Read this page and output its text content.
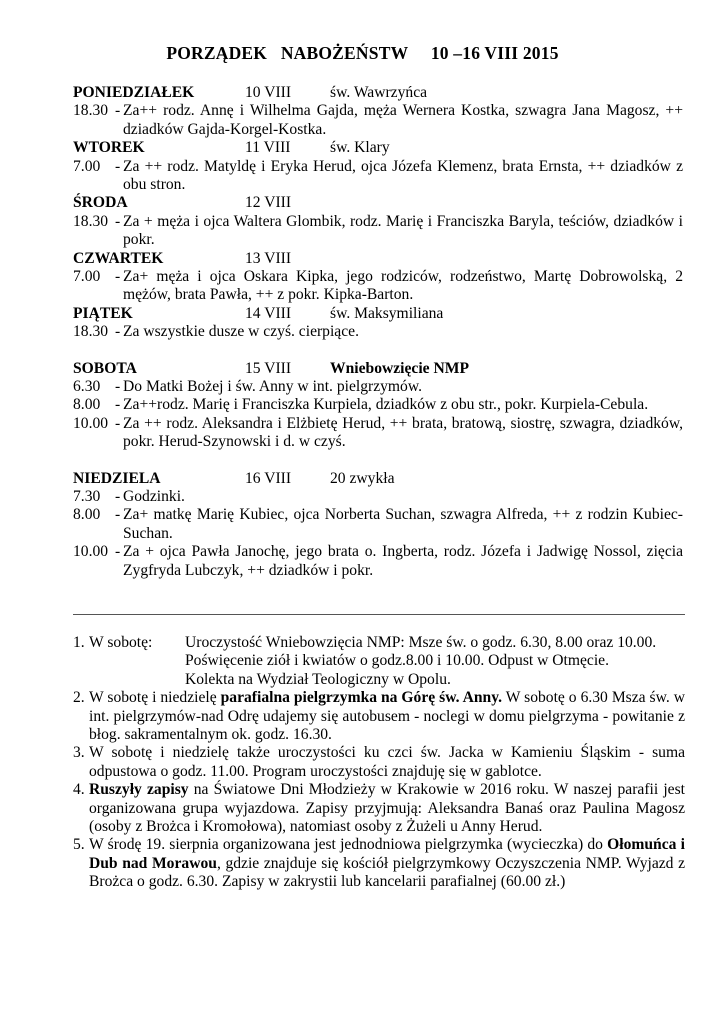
PORZĄDEK   NABOŻEŃSTW     10 –16 VIII 2015
PONIEDZIAŁEK	10 VIII św. Wawrzyńca
18.30 - Za++ rodz. Annę i Wilhelma Gajda, męża Wernera Kostka, szwagra Jana Magosz, ++ dziadków Gajda-Korgel-Kostka.
WTOREK	11 VIII	św. Klary
7.00 - Za ++ rodz. Matyldę i Eryka Herud, ojca Józefa Klemenz, brata Ernsta, ++ dziadków z obu stron.
ŚRODA	12 VIII
18.30 - Za + męża i ojca Waltera Glombik, rodz. Marię i Franciszka Baryla, teściów, dziadków i pokr.
CZWARTEK	13 VIII
7.00 - Za+ męża i ojca Oskara Kipka, jego rodziców, rodzeństwo, Martę Dobrowolską, 2 mężów, brata Pawła, ++ z pokr. Kipka-Barton.
PIĄTEK	14 VIII św. Maksymiliana
18.30 - Za wszystkie dusze w czyś. cierpiące.
SOBOTA	15 VIII Wniebowzięcie NMP
6.30 - Do Matki Bożej i św. Anny w int. pielgrzymów.
8.00 - Za++rodz. Marię i Franciszka Kurpiela, dziadków z obu str., pokr. Kurpiela-Cebula.
10.00 - Za ++ rodz. Aleksandra i Elżbietę Herud, ++ brata, bratową, siostrę, szwagra, dziadków, pokr. Herud-Szynowski i d. w czyś.
NIEDZIELA	16 VIII 20 zwykła
7.30 - Godzinki.
8.00 - Za+ matkę Marię Kubiec, ojca Norberta Suchan, szwagra Alfreda, ++ z rodzin Kubiec-Suchan.
10.00 - Za + ojca Pawła Janochę, jego brata o. Ingberta, rodz. Józefa i Jadwigę Nossol, zięcia Zygfryda Lubczyk, ++ dziadków i pokr.
1. W sobotę:	Uroczystość Wniebowzięcia NMP: Msze św. o godz. 6.30, 8.00 oraz 10.00.
Poświęcenie ziół i kwiatów o godz.8.00 i 10.00. Odpust w Otmęcie.
Kolekta na Wydział Teologiczny w Opolu.
2. W sobotę i niedzielę parafialna pielgrzymka na Górę św. Anny. W sobotę o 6.30 Msza św. w int. pielgrzymów-nad Odrę udajemy się autobusem - noclegi w domu pielgrzyma - powitanie z błog. sakramentalnym ok. godz. 16.30.
3. W sobotę i niedzielę także uroczystości ku czci św. Jacka w Kamieniu Śląskim - suma odpustowa o godz. 11.00. Program uroczystości znajduję się w gablotce.
4. Ruszyły zapisy na Światowe Dni Młodzieży w Krakowie w 2016 roku. W naszej parafii jest organizowana grupa wyjazdowa. Zapisy przyjmują: Aleksandra Banaś oraz Paulina Magosz (osoby z Brożca i Kromołowa), natomiast osoby z Żużeli u Anny Herud.
5. W środę 19. sierpnia organizowana jest jednodniowa pielgrzymka (wycieczka) do Ołomuńca i Dub nad Morawou, gdzie znajduje się kościół pielgrzymkowy Oczyszczenia NMP. Wyjazd z Brożca o godz. 6.30. Zapisy w zakrystii lub kancelarii parafialnej (60.00 zł.)
